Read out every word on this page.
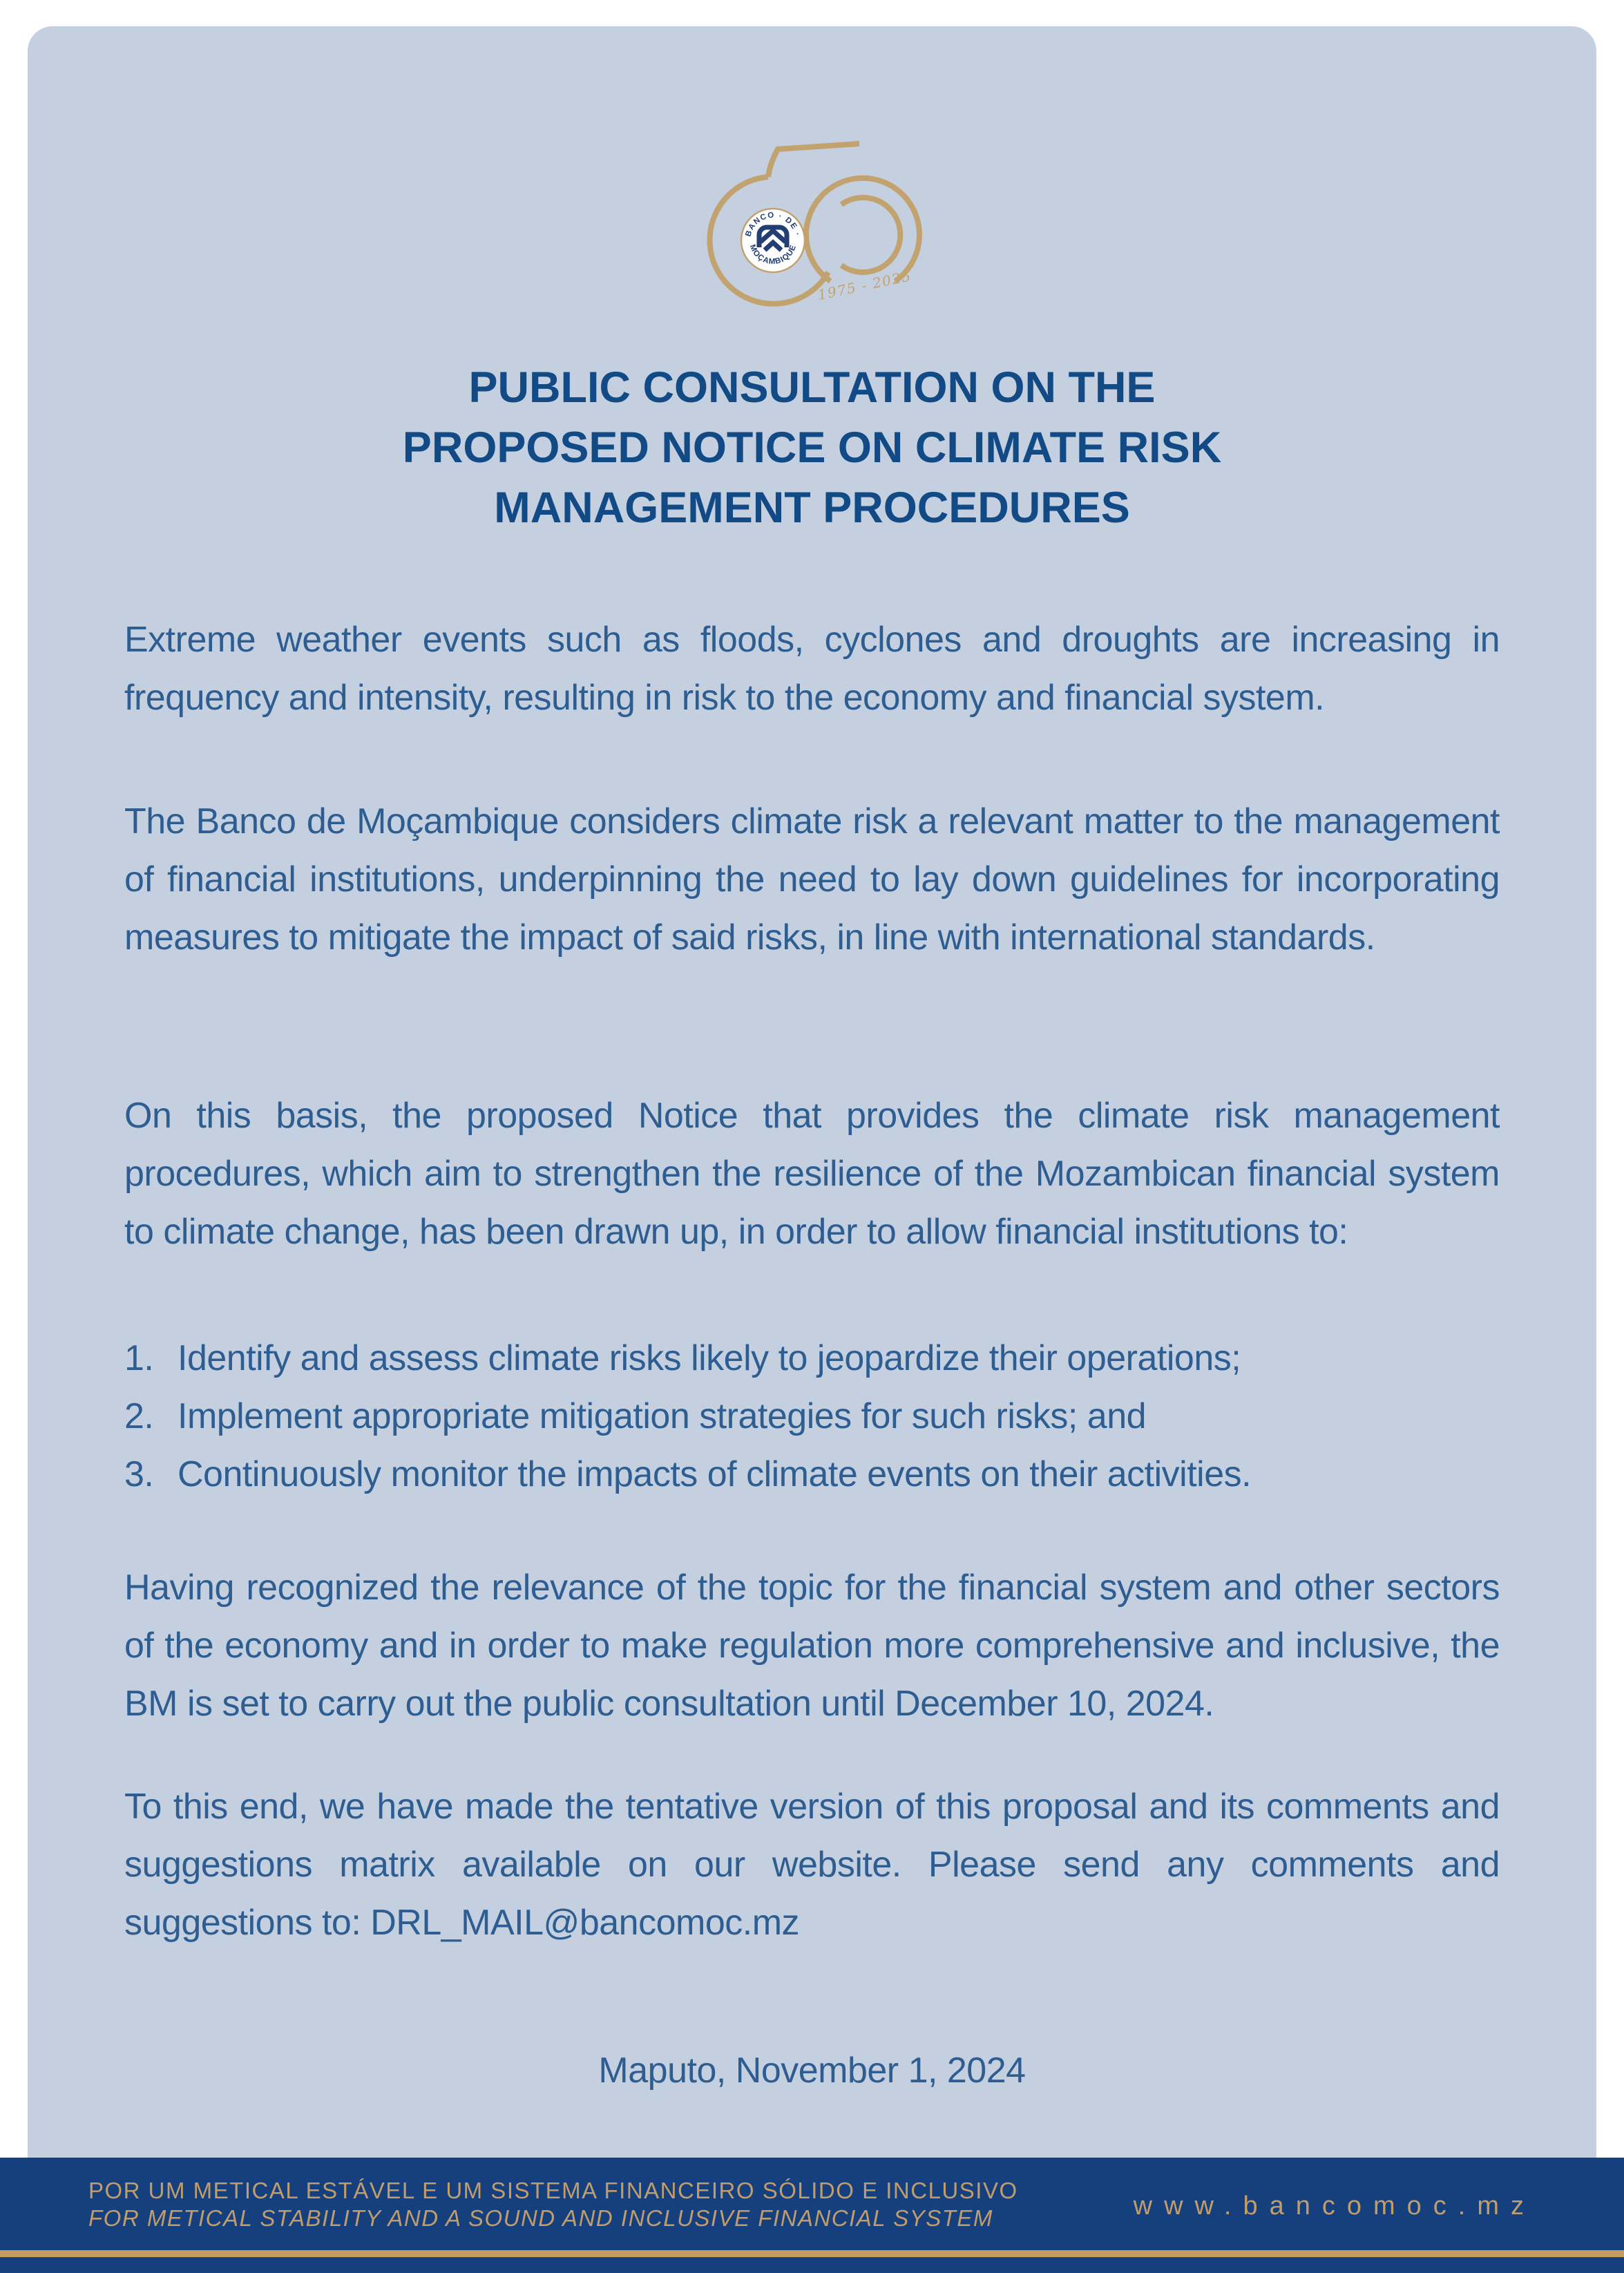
BANCO · DE ·
MOÇAMBIQUE
1975 - 2025
PUBLIC CONSULTATION ON THE
PROPOSED NOTICE ON CLIMATE RISK
MANAGEMENT PROCEDURES

Extreme weather events such as floods, cyclones and droughts are increasing in frequency and intensity, resulting in risk to the economy and financial system.

The Banco de Moçambique considers climate risk a relevant matter to the management of financial institutions, underpinning the need to lay down guidelines for incorporating measures to mitigate the impact of said risks, in line with international standards.

On this basis, the proposed Notice that provides the climate risk management procedures, which aim to strengthen the resilience of the Mozambican financial system to climate change, has been drawn up, in order to allow financial institutions to:

1. Identify and assess climate risks likely to jeopardize their operations;
2. Implement appropriate mitigation strategies for such risks; and
3. Continuously monitor the impacts of climate events on their activities.

Having recognized the relevance of the topic for the financial system and other sectors of the economy and in order to make regulation more comprehensive and inclusive, the BM is set to carry out the public consultation until December 10, 2024.

To this end, we have made the tentative version of this proposal and its comments and suggestions matrix available on our website. Please send any comments and suggestions to: DRL_MAIL@bancomoc.mz

Maputo, November 1, 2024
POR UM METICAL ESTÁVEL E UM SISTEMA FINANCEIRO SÓLIDO E INCLUSIVO
FOR METICAL STABILITY AND A SOUND AND INCLUSIVE FINANCIAL SYSTEM	www.bancomoc.mz
